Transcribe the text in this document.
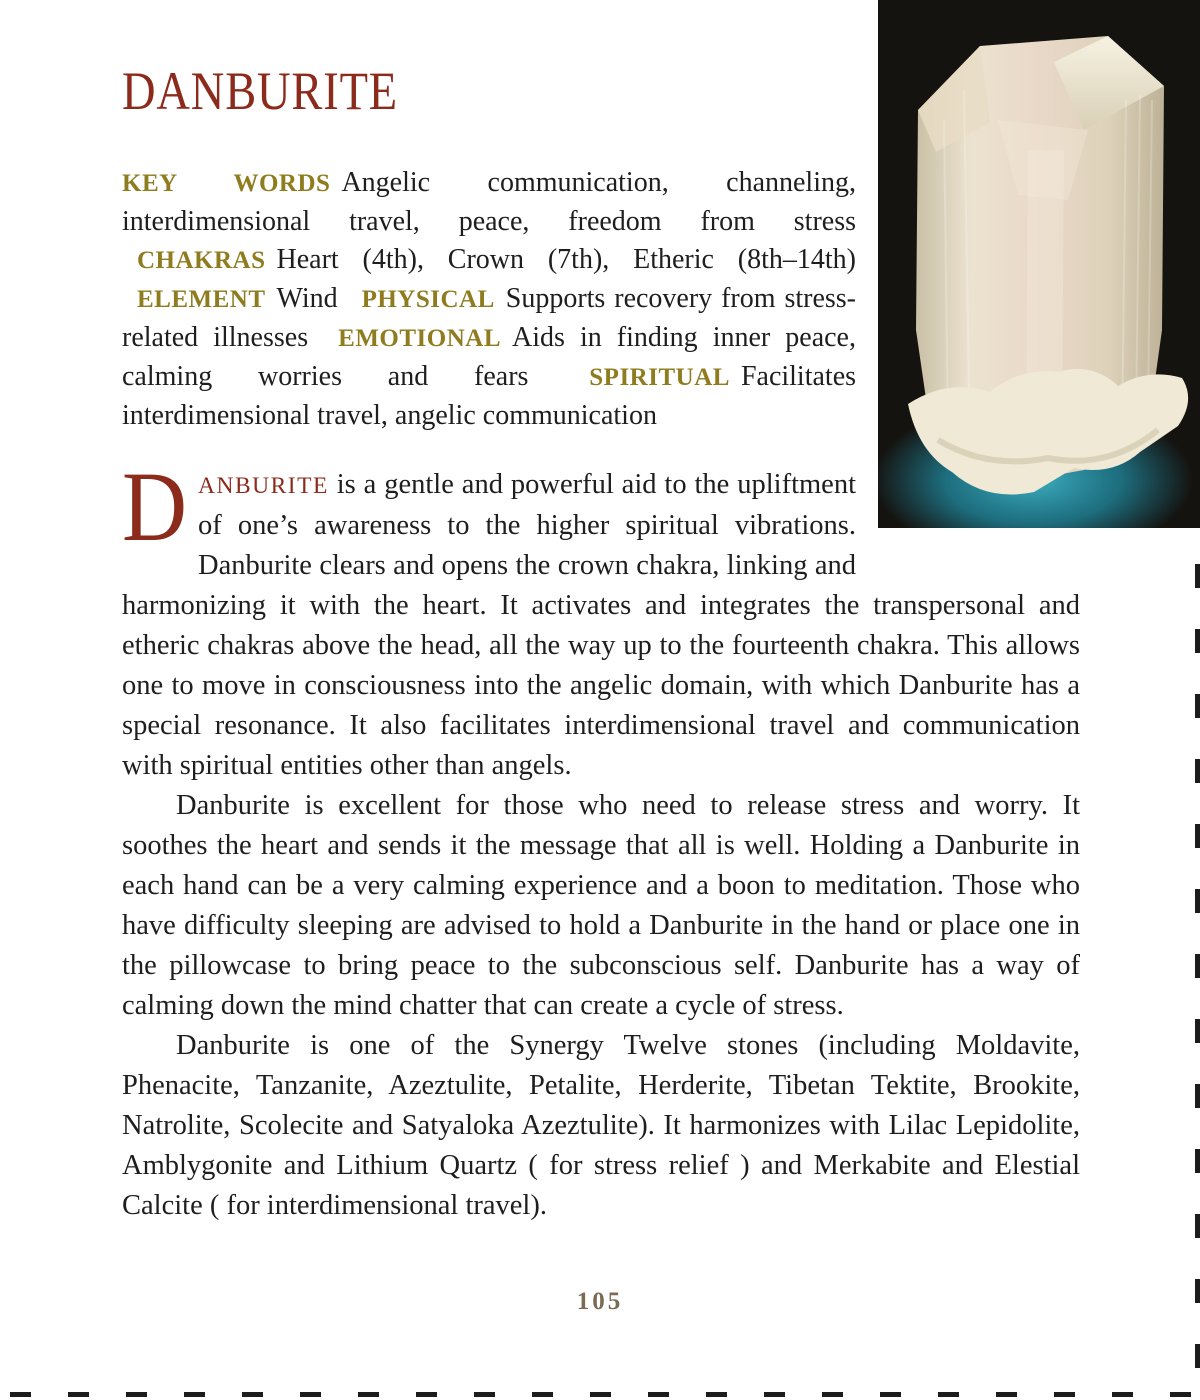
DANBURITE

KEY WORDS Angelic communication, channeling, interdimensional travel, peace, freedom from stress CHAKRAS Heart (4th), Crown (7th), Etheric (8th–14th) ELEMENT Wind PHYSICAL Supports recovery from stress-related illnesses EMOTIONAL Aids in finding inner peace, calming worries and fears SPIRITUAL Facilitates interdimensional travel, angelic communication

DANBURITE is a gentle and powerful aid to the upliftment of one’s awareness to the higher spiritual vibrations. Danburite clears and opens the crown chakra, linking and harmonizing it with the heart. It activates and integrates the transpersonal and etheric chakras above the head, all the way up to the fourteenth chakra. This allows one to move in consciousness into the angelic domain, with which Danburite has a special resonance. It also facilitates interdimensional travel and communication with spiritual entities other than angels.

Danburite is excellent for those who need to release stress and worry. It soothes the heart and sends it the message that all is well. Holding a Danburite in each hand can be a very calming experience and a boon to meditation. Those who have difficulty sleeping are advised to hold a Danburite in the hand or place one in the pillowcase to bring peace to the subconscious self. Danburite has a way of calming down the mind chatter that can create a cycle of stress.

Danburite is one of the Synergy Twelve stones (including Moldavite, Phenacite, Tanzanite, Azeztulite, Petalite, Herderite, Tibetan Tektite, Brookite, Natrolite, Scolecite and Satyaloka Azeztulite). It harmonizes with Lilac Lepidolite, Amblygonite and Lithium Quartz ( for stress relief ) and Merkabite and Elestial Calcite ( for interdimensional travel).

105
